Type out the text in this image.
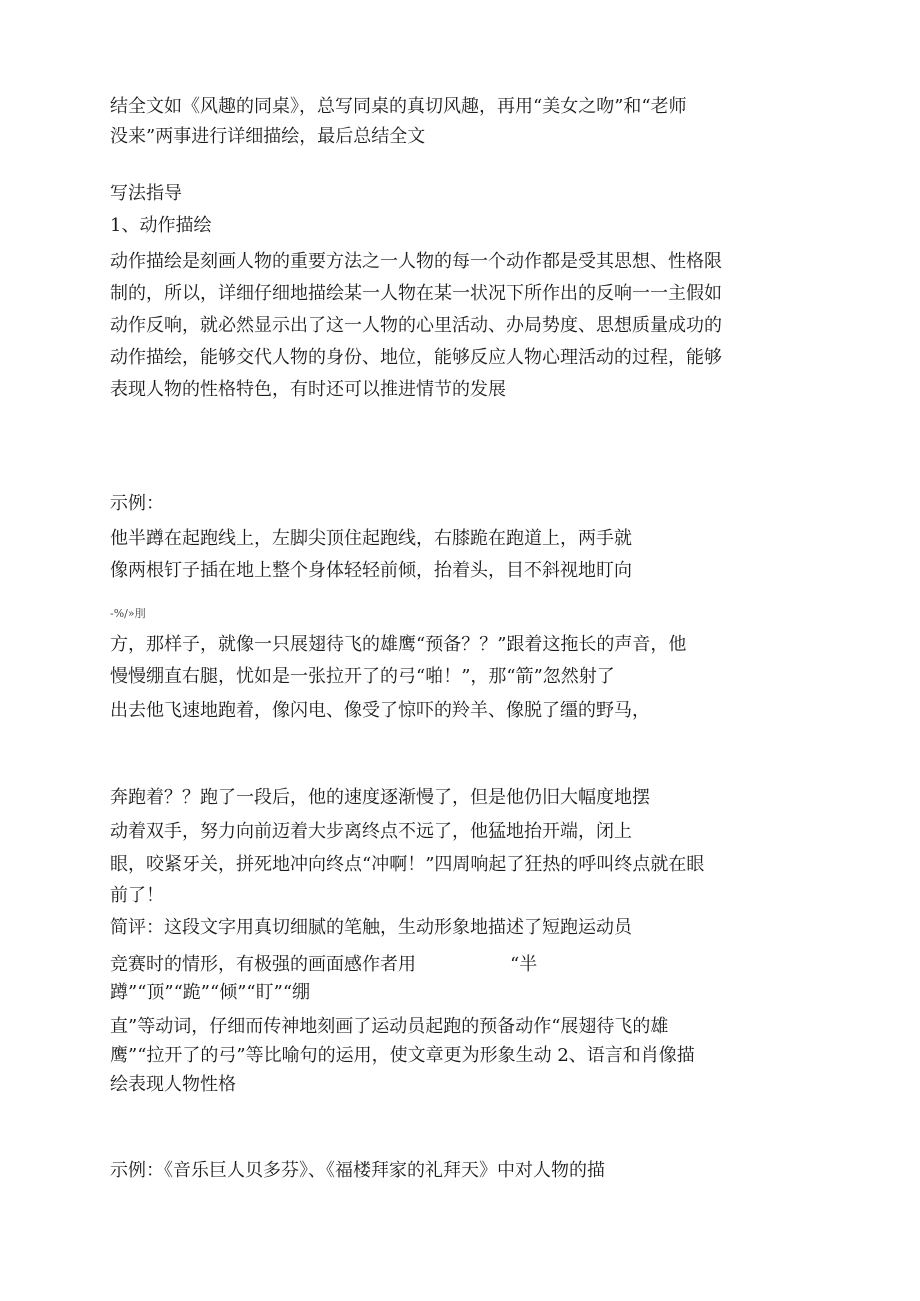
结全文如《风趣的同桌》，总写同桌的真切风趣，再用“美女之吻”和“老师

没来”两事进行详细描绘，最后总结全文

写法指导

1、动作描绘

动作描绘是刻画人物的重要方法之一人物的每一个动作都是受其思想、性格限

制的，所以，详细仔细地描绘某一人物在某一状况下所作出的反响一一主假如

动作反响，就必然显示出了这一人物的心里活动、办局势度、思想质量成功的

动作描绘，能够交代人物的身份、地位，能够反应人物心理活动的过程，能够

表现人物的性格特色，有时还可以推进情节的发展

示例：

他半蹲在起跑线上，左脚尖顶住起跑线，右膝跪在跑道上，两手就

像两根钉子插在地上整个身体轻轻前倾，抬着头，目不斜视地盯向

-%/»刖

方，那样子，就像一只展翅待飞的雄鹰“预备？？”跟着这拖长的声音，他

慢慢绷直右腿，忧如是一张拉开了的弓“啪！”，那“箭”忽然射了

出去他飞速地跑着，像闪电、像受了惊吓的羚羊、像脱了缰的野马，

奔跑着？？跑了一段后，他的速度逐渐慢了，但是他仍旧大幅度地摆

动着双手，努力向前迈着大步离终点不远了，他猛地抬开端，闭上

眼，咬紧牙关，拼死地冲向终点“冲啊！”四周响起了狂热的呼叫终点就在眼

前了！

简评：这段文字用真切细腻的笔触，生动形象地描述了短跑运动员

竞赛时的情形，有极强的画面感作者用	“半

蹲”“顶”“跪”“倾”“盯”“绷

直”等动词，仔细而传神地刻画了运动员起跑的预备动作“展翅待飞的雄

鹰”“拉开了的弓”等比喻句的运用，使文章更为形象生动 2、语言和肖像描

绘表现人物性格

示例：《音乐巨人贝多芬》、《福楼拜家的礼拜天》中对人物的描
